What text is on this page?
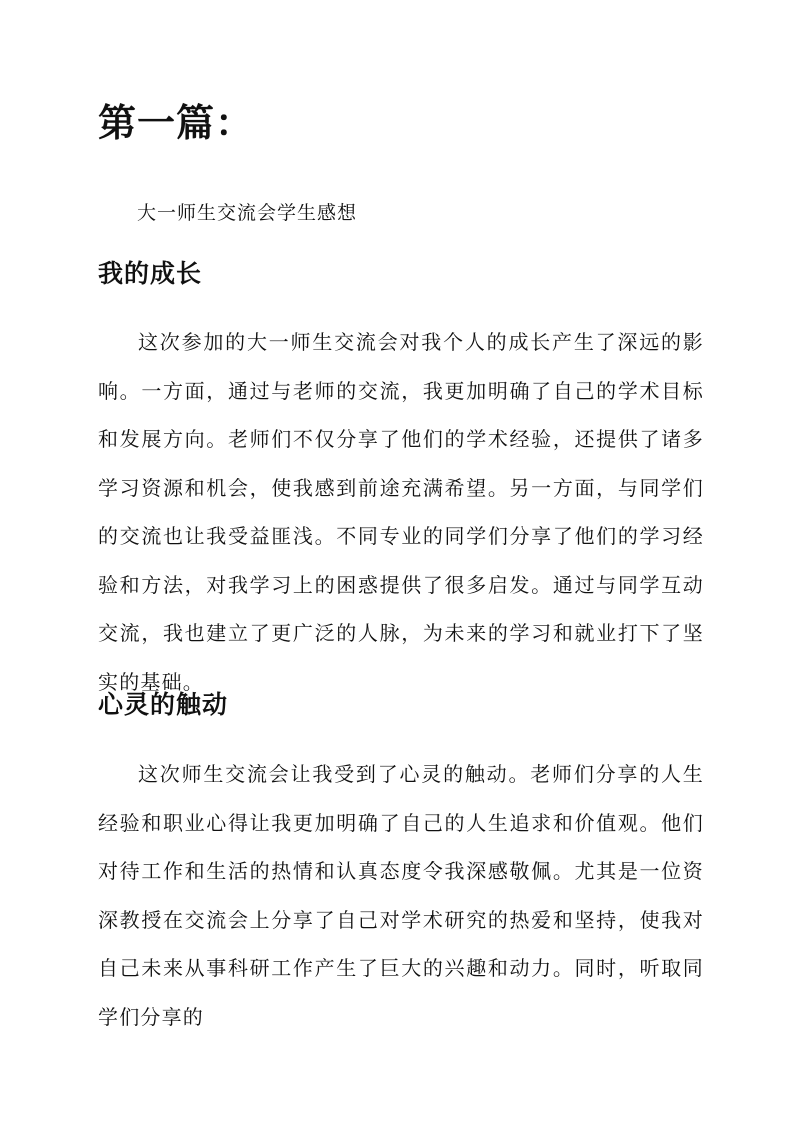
第一篇：

大一师生交流会学生感想

我的成长

这次参加的大一师生交流会对我个人的成长产生了深远的影响。一方面，通过与老师的交流，我更加明确了自己的学术目标和发展方向。老师们不仅分享了他们的学术经验，还提供了诸多学习资源和机会，使我感到前途充满希望。另一方面，与同学们的交流也让我受益匪浅。不同专业的同学们分享了他们的学习经验和方法，对我学习上的困惑提供了很多启发。通过与同学互动交流，我也建立了更广泛的人脉，为未来的学习和就业打下了坚实的基础。

心灵的触动

这次师生交流会让我受到了心灵的触动。老师们分享的人生经验和职业心得让我更加明确了自己的人生追求和价值观。他们对待工作和生活的热情和认真态度令我深感敬佩。尤其是一位资深教授在交流会上分享了自己对学术研究的热爱和坚持，使我对自己未来从事科研工作产生了巨大的兴趣和动力。同时，听取同学们分享的
